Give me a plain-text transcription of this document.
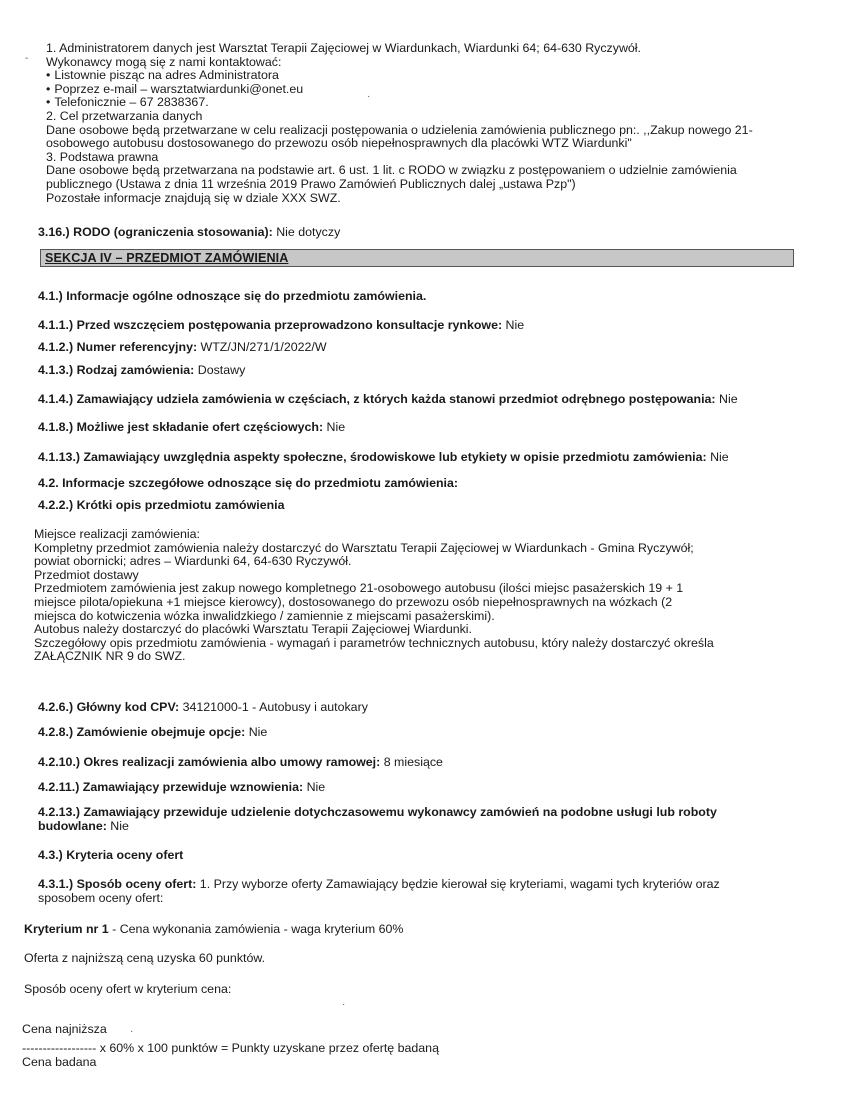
1. Administratorem danych jest Warsztat Terapii Zajęciowej w Wiardunkach, Wiardunki 64; 64-630 Ryczywół.
Wykonawcy mogą się z nami kontaktować:
• Listownie pisząc na adres Administratora
• Poprzez e-mail – warsztatwiardunki@onet.eu
• Telefonicznie – 67 2838367.
2. Cel przetwarzania danych
Dane osobowe będą przetwarzane w celu realizacji postępowania o udzielenia zamówienia publicznego pn:. ,,Zakup nowego 21-
osobowego autobusu dostosowanego do przewozu osób niepełnosprawnych dla placówki WTZ Wiardunki"
3. Podstawa prawna
Dane osobowe będą przetwarzana na podstawie art. 6 ust. 1 lit. c RODO w związku z postępowaniem o udzielnie zamówienia
publicznego (Ustawa z dnia 11 września 2019 Prawo Zamówień Publicznych dalej „ustawa Pzp")
Pozostałe informacje znajdują się w dziale XXX SWZ.
3.16.) RODO (ograniczenia stosowania): Nie dotyczy
SEKCJA IV – PRZEDMIOT ZAMÓWIENIA
4.1.) Informacje ogólne odnoszące się do przedmiotu zamówienia.
4.1.1.) Przed wszczęciem postępowania przeprowadzono konsultacje rynkowe: Nie
4.1.2.) Numer referencyjny: WTZ/JN/271/1/2022/W
4.1.3.) Rodzaj zamówienia: Dostawy
4.1.4.) Zamawiający udziela zamówienia w częściach, z których każda stanowi przedmiot odrębnego postępowania: Nie
4.1.8.) Możliwe jest składanie ofert częściowych: Nie
4.1.13.) Zamawiający uwzględnia aspekty społeczne, środowiskowe lub etykiety w opisie przedmiotu zamówienia: Nie
4.2. Informacje szczegółowe odnoszące się do przedmiotu zamówienia:
4.2.2.) Krótki opis przedmiotu zamówienia
Miejsce realizacji zamówienia:
Kompletny przedmiot zamówienia należy dostarczyć do Warsztatu Terapii Zajęciowej w Wiardunkach - Gmina Ryczywół;
powiat obornicki; adres – Wiardunki 64, 64-630 Ryczywół.
Przedmiot dostawy
Przedmiotem zamówienia jest zakup nowego kompletnego 21-osobowego autobusu (ilości miejsc pasażerskich 19 + 1
miejsce pilota/opiekuna +1 miejsce kierowcy), dostosowanego do przewozu osób niepełnosprawnych na wózkach (2
miejsca do kotwiczenia wózka inwalidzkiego / zamiennie z miejscami pasażerskimi).
Autobus należy dostarczyć do placówki Warsztatu Terapii Zajęciowej Wiardunki.
Szczegółowy opis przedmiotu zamówienia - wymagań i parametrów technicznych autobusu, który należy dostarczyć określa
ZAŁĄCZNIK NR 9 do SWZ.
4.2.6.) Główny kod CPV: 34121000-1 - Autobusy i autokary
4.2.8.) Zamówienie obejmuje opcje: Nie
4.2.10.) Okres realizacji zamówienia albo umowy ramowej: 8 miesiące
4.2.11.) Zamawiający przewiduje wznowienia: Nie
4.2.13.) Zamawiający przewiduje udzielenie dotychczasowemu wykonawcy zamówień na podobne usługi lub roboty
budowlane: Nie
4.3.) Kryteria oceny ofert
4.3.1.) Sposób oceny ofert: 1. Przy wyborze oferty Zamawiający będzie kierował się kryteriami, wagami tych kryteriów oraz
sposobem oceny ofert:
Kryterium nr 1 - Cena wykonania zamówienia - waga kryterium 60%
Oferta z najniższą ceną uzyska 60 punktów.
Sposób oceny ofert w kryterium cena:
Cena najniższa
------------------ x 60% x 100 punktów = Punkty uzyskane przez ofertę badaną
Cena badana
-
·
·
·
